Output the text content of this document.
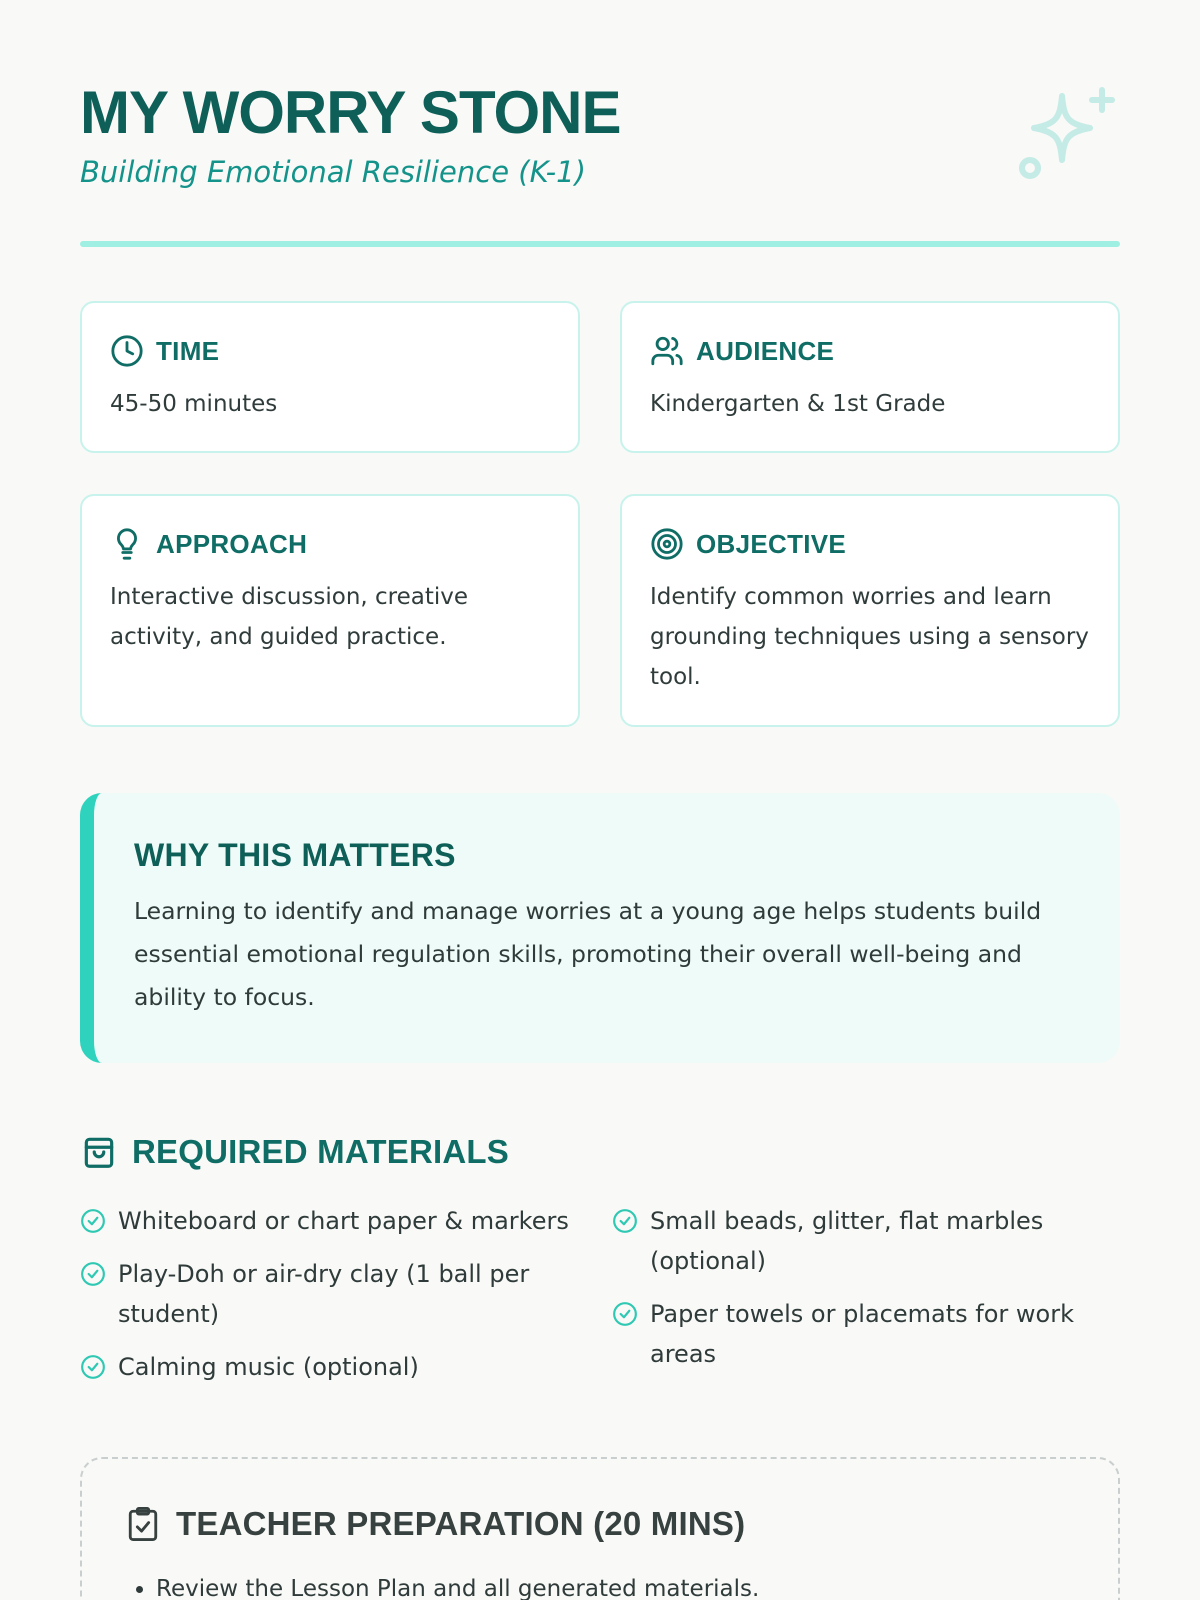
MY WORRY STONE
Building Emotional Resilience (K-1)
TIME
45-50 minutes
AUDIENCE
Kindergarten & 1st Grade
APPROACH
Interactive discussion, creative activity, and guided practice.
OBJECTIVE
Identify common worries and learn grounding techniques using a sensory tool.
WHY THIS MATTERS
Learning to identify and manage worries at a young age helps students build essential emotional regulation skills, promoting their overall well-being and ability to focus.
REQUIRED MATERIALS
Whiteboard or chart paper & markers
Play-Doh or air-dry clay (1 ball per student)
Calming music (optional)
Small beads, glitter, flat marbles (optional)
Paper towels or placemats for work areas
TEACHER PREPARATION (20 MINS)
• Review the Lesson Plan and all generated materials.
